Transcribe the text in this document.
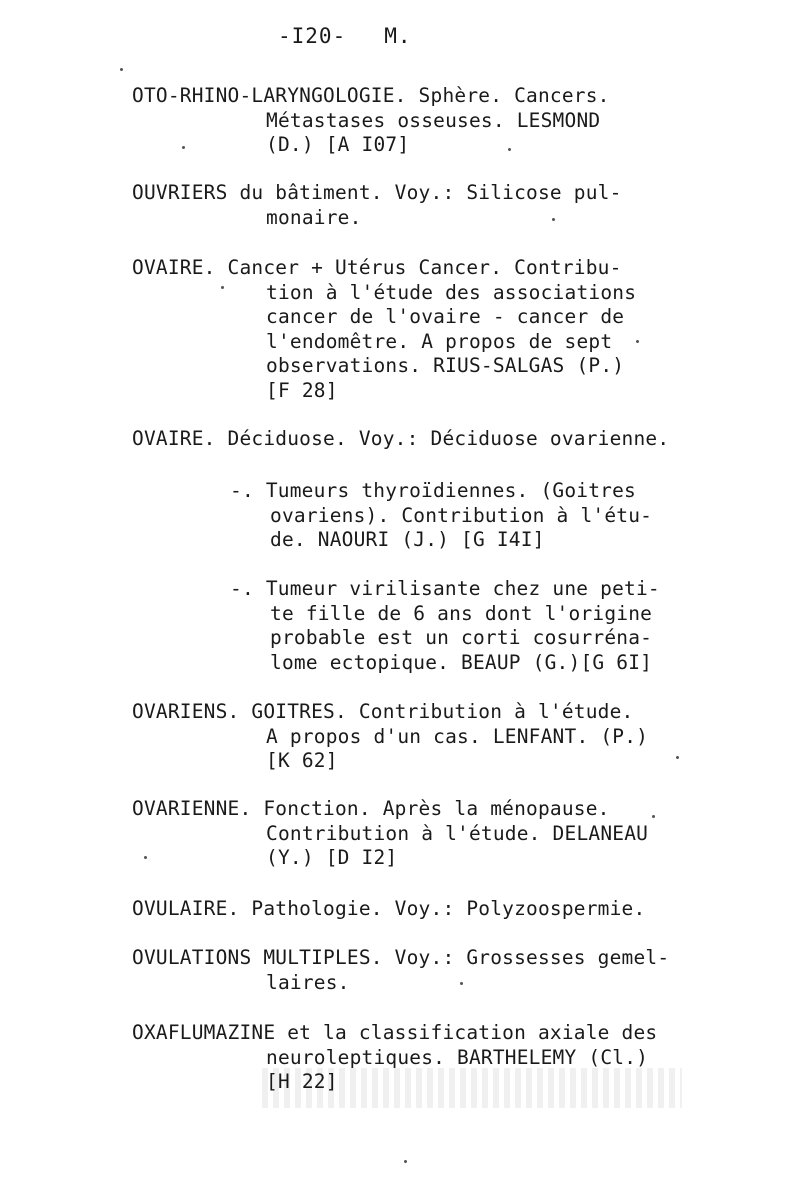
-I20- M.
OTO-RHINO-LARYNGOLOGIE. Sphère. Cancers.
Métastases osseuses. LESMOND
(D.) [A I07]
OUVRIERS du bâtiment. Voy.: Silicose pul-
monaire.
OVAIRE. Cancer + Utérus Cancer. Contribu-
tion à l'étude des associations
cancer de l'ovaire - cancer de
l'endomêtre. A propos de sept
observations. RIUS-SALGAS (P.)
[F 28]
OVAIRE. Déciduose. Voy.: Déciduose ovarienne.
-. Tumeurs thyroïdiennes. (Goitres
ovariens). Contribution à l'étu-
de. NAOURI (J.) [G I4I]
-. Tumeur virilisante chez une peti-
te fille de 6 ans dont l'origine
probable est un corti cosurréna-
lome ectopique. BEAUP (G.)[G 6I]
OVARIENS. GOITRES. Contribution à l'étude.
A propos d'un cas. LENFANT. (P.)
[K 62]
OVARIENNE. Fonction. Après la ménopause.
Contribution à l'étude. DELANEAU
(Y.) [D I2]
OVULAIRE. Pathologie. Voy.: Polyzoospermie.
OVULATIONS MULTIPLES. Voy.: Grossesses gemel-
laires.
OXAFLUMAZINE et la classification axiale des
neuroleptiques. BARTHELEMY (Cl.)
[H 22]
